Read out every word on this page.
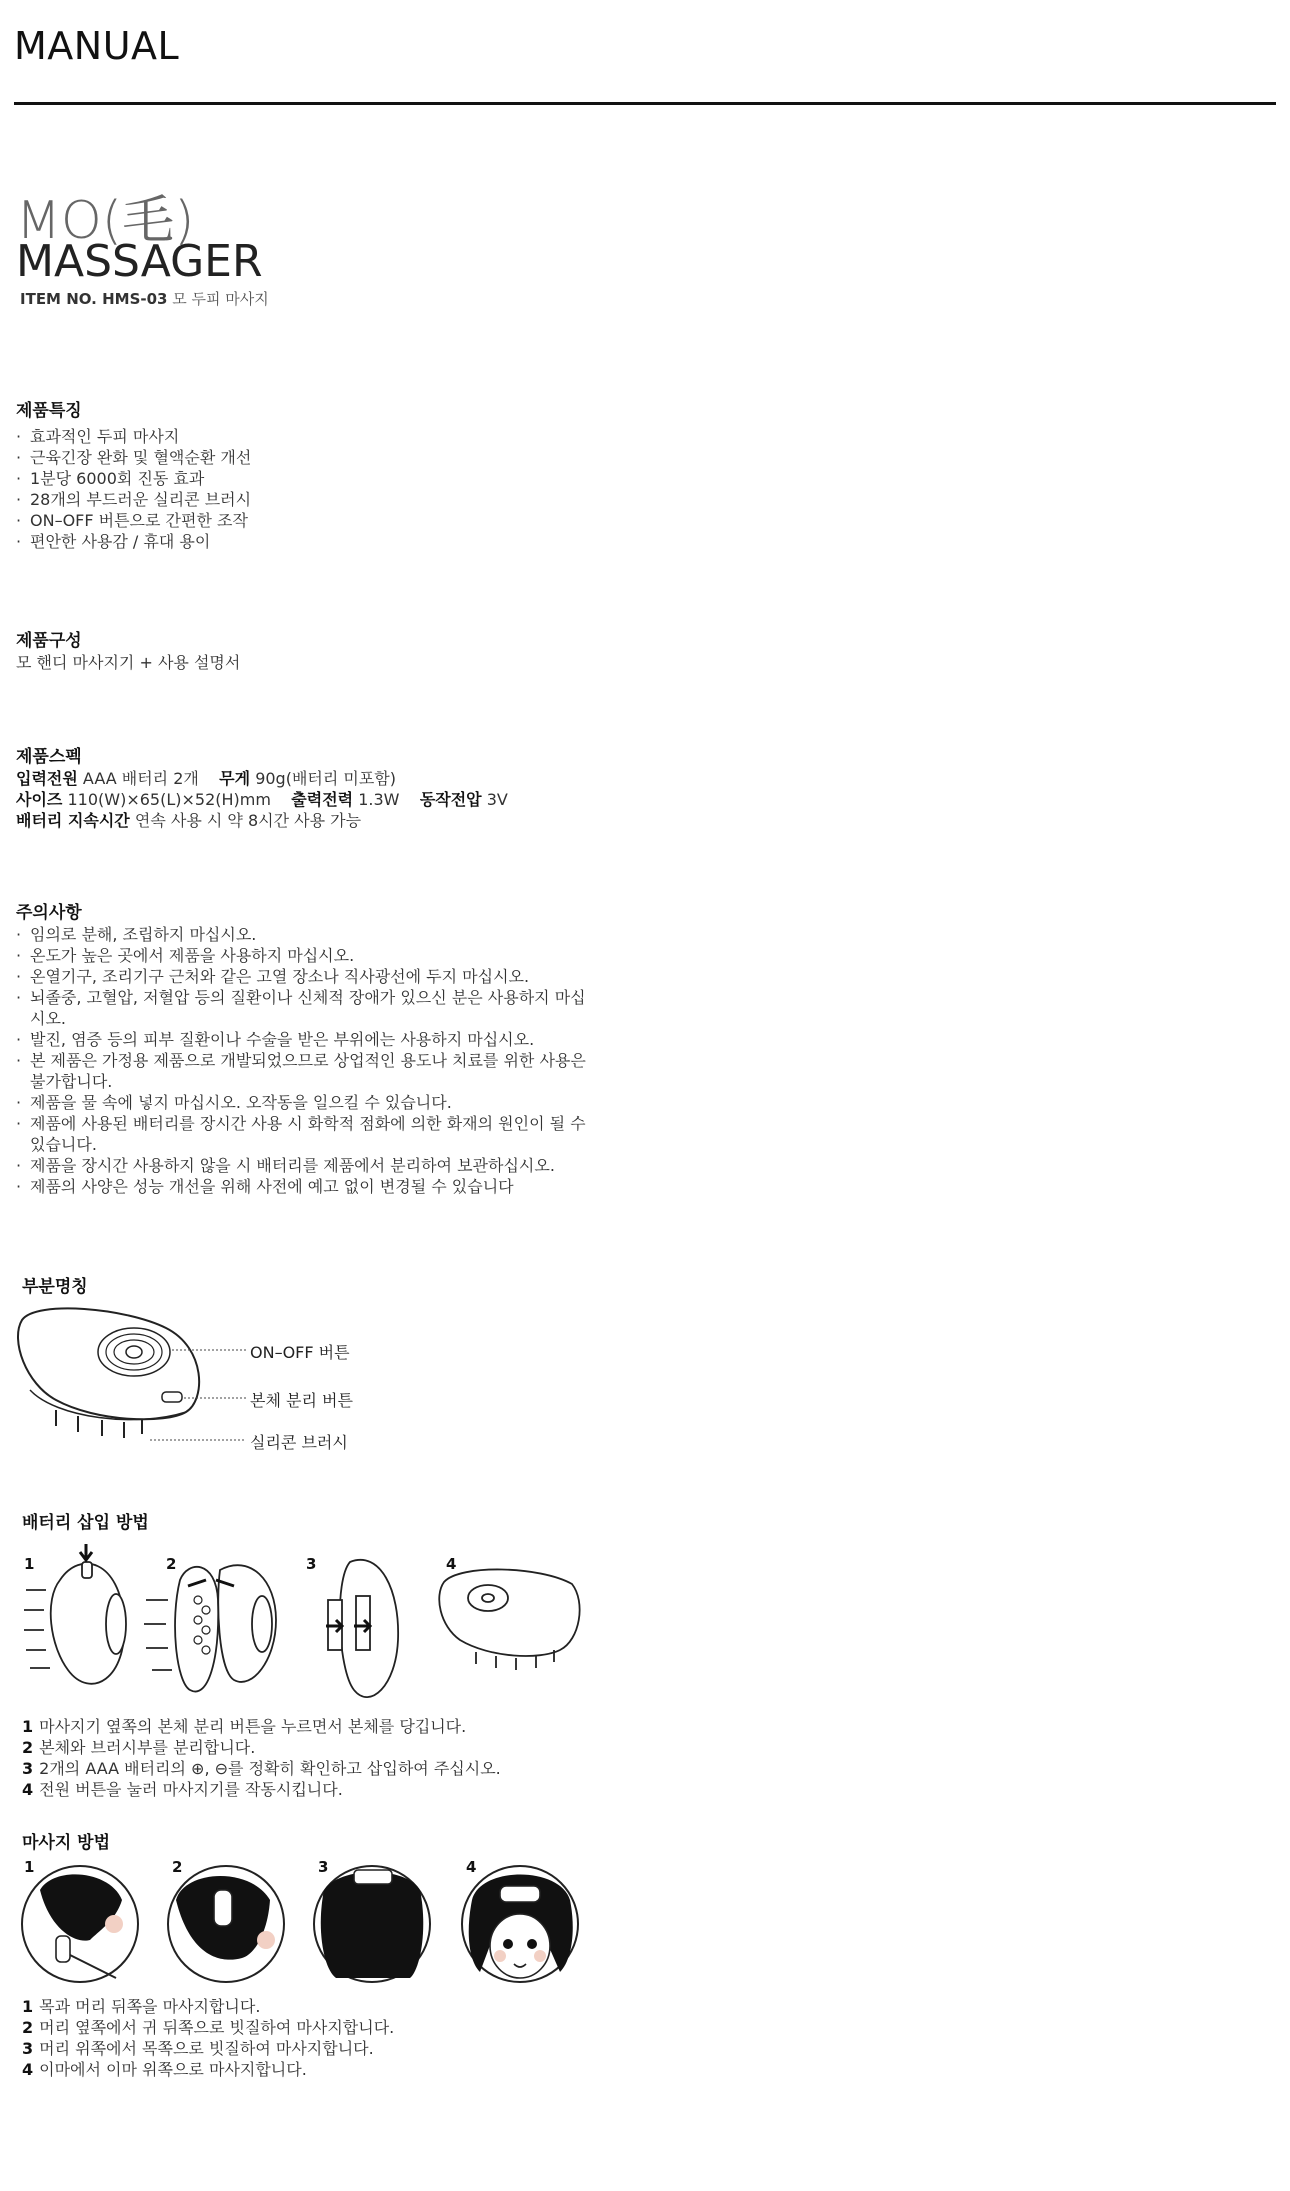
MANUAL
MO(毛)
MASSAGER
ITEM NO. HMS-03 모 두피 마사지
제품특징
· 효과적인 두피 마사지
· 근육긴장 완화 및 혈액순환 개선
· 1분당 6000회 진동 효과
· 28개의 부드러운 실리콘 브러시
· ON–OFF 버튼으로 간편한 조작
· 편안한 사용감 / 휴대 용이
제품구성
모 핸디 마사지기 + 사용 설명서
제품스펙
입력전원 AAA 배터리 2개 무게 90g(배터리 미포함)
사이즈 110(W)×65(L)×52(H)mm 출력전력 1.3W 동작전압 3V
배터리 지속시간 연속 사용 시 약 8시간 사용 가능
주의사항
· 임의로 분해, 조립하지 마십시오.
· 온도가 높은 곳에서 제품을 사용하지 마십시오.
· 온열기구, 조리기구 근처와 같은 고열 장소나 직사광선에 두지 마십시오.
· 뇌졸중, 고혈압, 저혈압 등의 질환이나 신체적 장애가 있으신 분은 사용하지 마십시오.
· 발진, 염증 등의 피부 질환이나 수술을 받은 부위에는 사용하지 마십시오.
· 본 제품은 가정용 제품으로 개발되었으므로 상업적인 용도나 치료를 위한 사용은 불가합니다.
· 제품을 물 속에 넣지 마십시오. 오작동을 일으킬 수 있습니다.
· 제품에 사용된 배터리를 장시간 사용 시 화학적 점화에 의한 화재의 원인이 될 수 있습니다.
· 제품을 장시간 사용하지 않을 시 배터리를 제품에서 분리하여 보관하십시오.
· 제품의 사양은 성능 개선을 위해 사전에 예고 없이 변경될 수 있습니다
부분명칭
ON–OFF 버튼
본체 분리 버튼
실리콘 브러시
배터리 삽입 방법
1	2	3	4
1 마사지기 옆쪽의 본체 분리 버튼을 누르면서 본체를 당깁니다.
2 본체와 브러시부를 분리합니다.
3 2개의 AAA 배터리의 ⊕, ⊖를 정확히 확인하고 삽입하여 주십시오.
4 전원 버튼을 눌러 마사지기를 작동시킵니다.
마사지 방법
1	2	3	4
1 목과 머리 뒤쪽을 마사지합니다.
2 머리 옆쪽에서 귀 뒤쪽으로 빗질하여 마사지합니다.
3 머리 위쪽에서 목쪽으로 빗질하여 마사지합니다.
4 이마에서 이마 위쪽으로 마사지합니다.
